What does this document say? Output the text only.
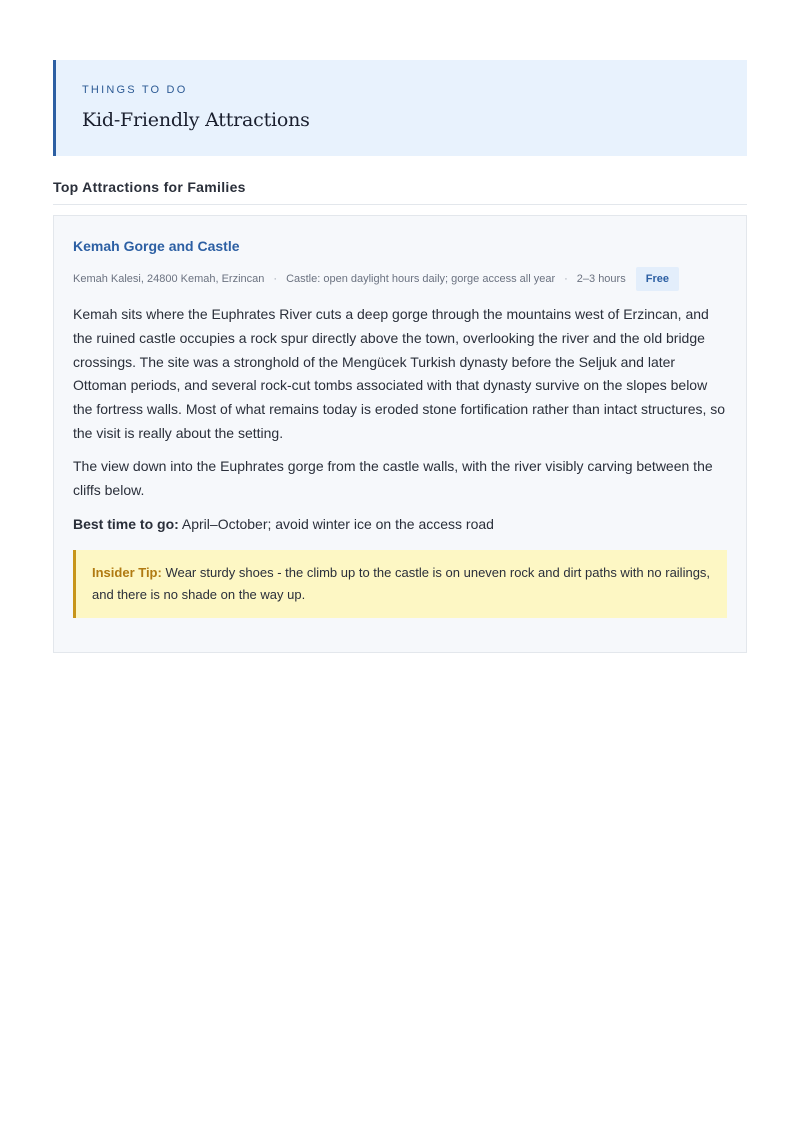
THINGS TO DO
Kid-Friendly Attractions
Top Attractions for Families
Kemah Gorge and Castle
Kemah Kalesi, 24800 Kemah, Erzincan · Castle: open daylight hours daily; gorge access all year · 2–3 hours	Free

Kemah sits where the Euphrates River cuts a deep gorge through the mountains west of Erzincan, and the ruined castle occupies a rock spur directly above the town, overlooking the river and the old bridge crossings. The site was a stronghold of the Mengücek Turkish dynasty before the Seljuk and later Ottoman periods, and several rock-cut tombs associated with that dynasty survive on the slopes below the fortress walls. Most of what remains today is eroded stone fortification rather than intact structures, so the visit is really about the setting.

The view down into the Euphrates gorge from the castle walls, with the river visibly carving between the cliffs below.

Best time to go: April–October; avoid winter ice on the access road
Insider Tip: Wear sturdy shoes - the climb up to the castle is on uneven rock and dirt paths with no railings, and there is no shade on the way up.
